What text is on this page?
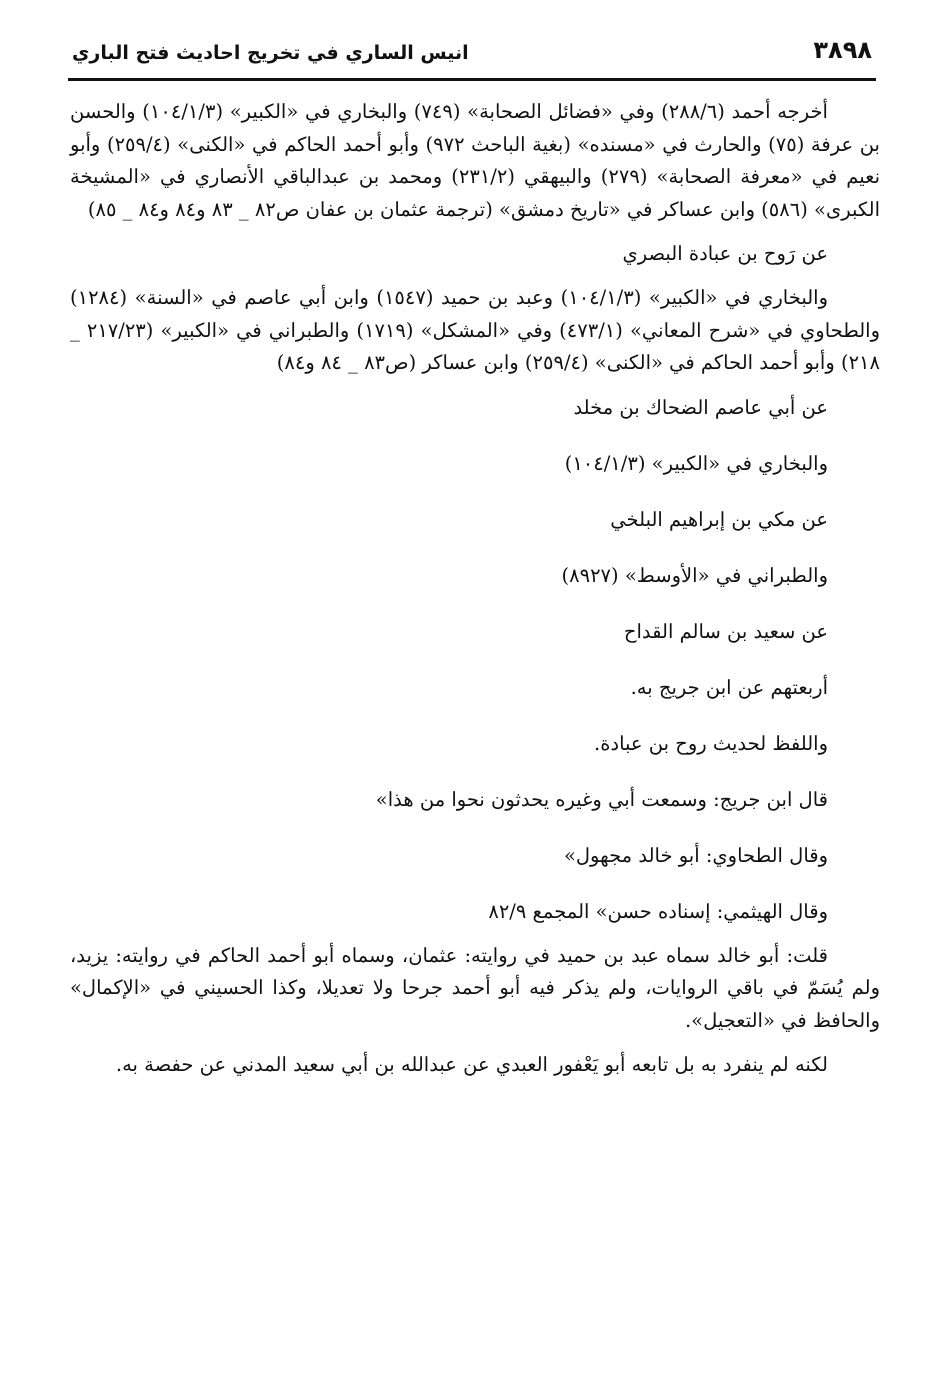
٣٨٩٨
انيس الساري في تخريج احاديث فتح الباري

أخرجه أحمد (٢٨٨/٦) وفي «فضائل الصحابة» (٧٤٩) والبخاري في «الكبير» (١٠٤/١/٣) والحسن بن عرفة (٧٥) والحارث في «مسنده» (بغية الباحث ٩٧٢) وأبو أحمد الحاكم في «الكنى» (٢٥٩/٤) وأبو نعيم في «معرفة الصحابة» (٢٧٩) والبيهقي (٢٣١/٢) ومحمد بن عبدالباقي الأنصاري في «المشيخة الكبرى» (٥٨٦) وابن عساكر في «تاريخ دمشق» (ترجمة عثمان بن عفان ص٨٢ _ ٨٣ و٨٤ و٨٤ _ ٨٥)

عن رَوح بن عبادة البصري

والبخاري في «الكبير» (١٠٤/١/٣) وعبد بن حميد (١٥٤٧) وابن أبي عاصم في «السنة» (١٢٨٤) والطحاوي في «شرح المعاني» (٤٧٣/١) وفي «المشكل» (١٧١٩) والطبراني في «الكبير» (٢١٧/٢٣ _ ٢١٨) وأبو أحمد الحاكم في «الكنى» (٢٥٩/٤) وابن عساكر (ص٨٣ _ ٨٤ و٨٤)

عن أبي عاصم الضحاك بن مخلد

والبخاري في «الكبير» (١٠٤/١/٣)

عن مكي بن إبراهيم البلخي

والطبراني في «الأوسط» (٨٩٢٧)

عن سعيد بن سالم القداح

أربعتهم عن ابن جريج به.

واللفظ لحديث روح بن عبادة.

قال ابن جريج: وسمعت أبي وغيره يحدثون نحوا من هذا»

وقال الطحاوي: أبو خالد مجهول»

وقال الهيثمي: إسناده حسن» المجمع ٨٢/٩

قلت: أبو خالد سماه عبد بن حميد في روايته: عثمان، وسماه أبو أحمد الحاكم في روايته: يزيد، ولم يُسَمّ في باقي الروايات، ولم يذكر فيه أبو أحمد جرحا ولا تعديلا، وكذا الحسيني في «الإكمال» والحافظ في «التعجيل».

لكنه لم ينفرد به بل تابعه أبو يَعْفور العبدي عن عبدالله بن أبي سعيد المدني عن حفصة به.
